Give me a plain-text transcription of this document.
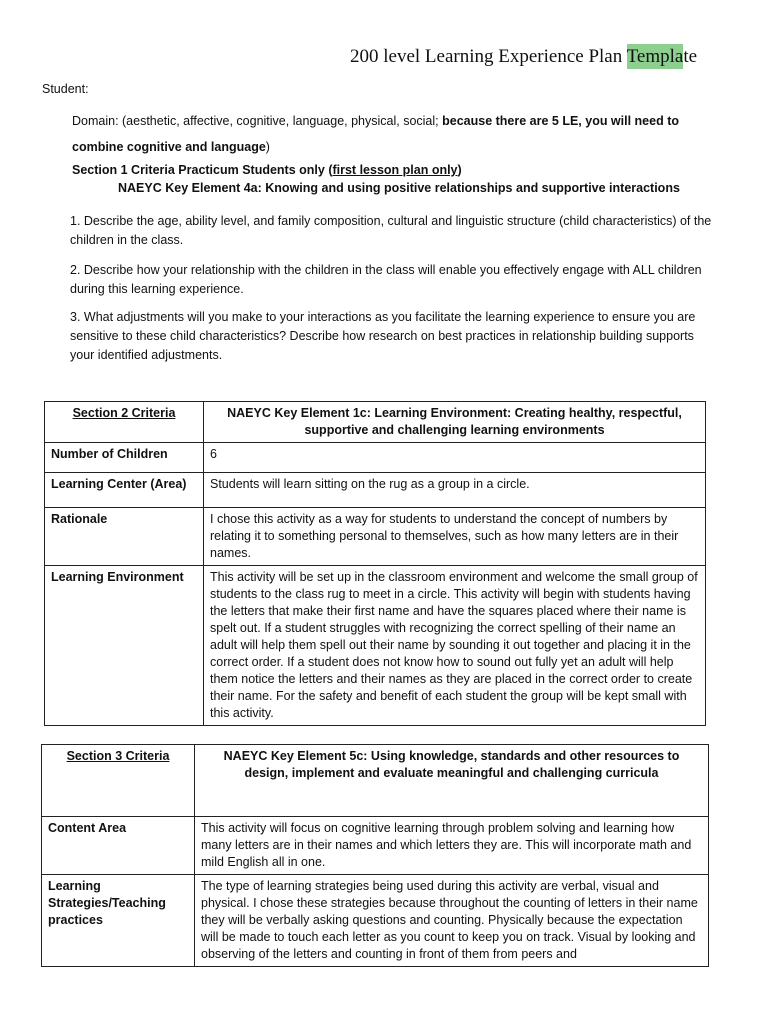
200 level Learning Experience Plan Template
Student:
Domain: (aesthetic, affective, cognitive, language, physical, social; because there are 5 LE, you will need to combine cognitive and language)
Section 1 Criteria Practicum Students only (first lesson plan only)
NAEYC Key Element 4a: Knowing and using positive relationships and supportive interactions
1. Describe the age, ability level, and family composition, cultural and linguistic structure (child characteristics) of the children in the class.
2. Describe how your relationship with the children in the class will enable you effectively engage with ALL children during this learning experience.
3. What adjustments will you make to your interactions as you facilitate the learning experience to ensure you are sensitive to these child characteristics? Describe how research on best practices in relationship building supports your identified adjustments.
Section 2 Criteria	NAEYC Key Element 1c: Learning Environment: Creating healthy, respectful, supportive and challenging learning environments
Number of Children	6
Learning Center (Area)	Students will learn sitting on the rug as a group in a circle.
Rationale	I chose this activity as a way for students to understand the concept of numbers by relating it to something personal to themselves, such as how many letters are in their names.
Learning Environment	This activity will be set up in the classroom environment and welcome the small group of students to the class rug to meet in a circle. This activity will begin with students having the letters that make their first name and have the squares placed where their name is spelt out. If a student struggles with recognizing the correct spelling of their name an adult will help them spell out their name by sounding it out together and placing it in the correct order. If a student does not know how to sound out fully yet an adult will help them notice the letters and their names as they are placed in the correct order to create their name. For the safety and benefit of each student the group will be kept small with this activity.
Section 3 Criteria	NAEYC Key Element 5c: Using knowledge, standards and other resources to design, implement and evaluate meaningful and challenging curricula
Content Area	This activity will focus on cognitive learning through problem solving and learning how many letters are in their names and which letters they are. This will incorporate math and mild English all in one.
Learning Strategies/Teaching practices	The type of learning strategies being used during this activity are verbal, visual and physical. I chose these strategies because throughout the counting of letters in their name they will be verbally asking questions and counting. Physically because the expectation will be made to touch each letter as you count to keep you on track. Visual by looking and observing of the letters and counting in front of them from peers and
